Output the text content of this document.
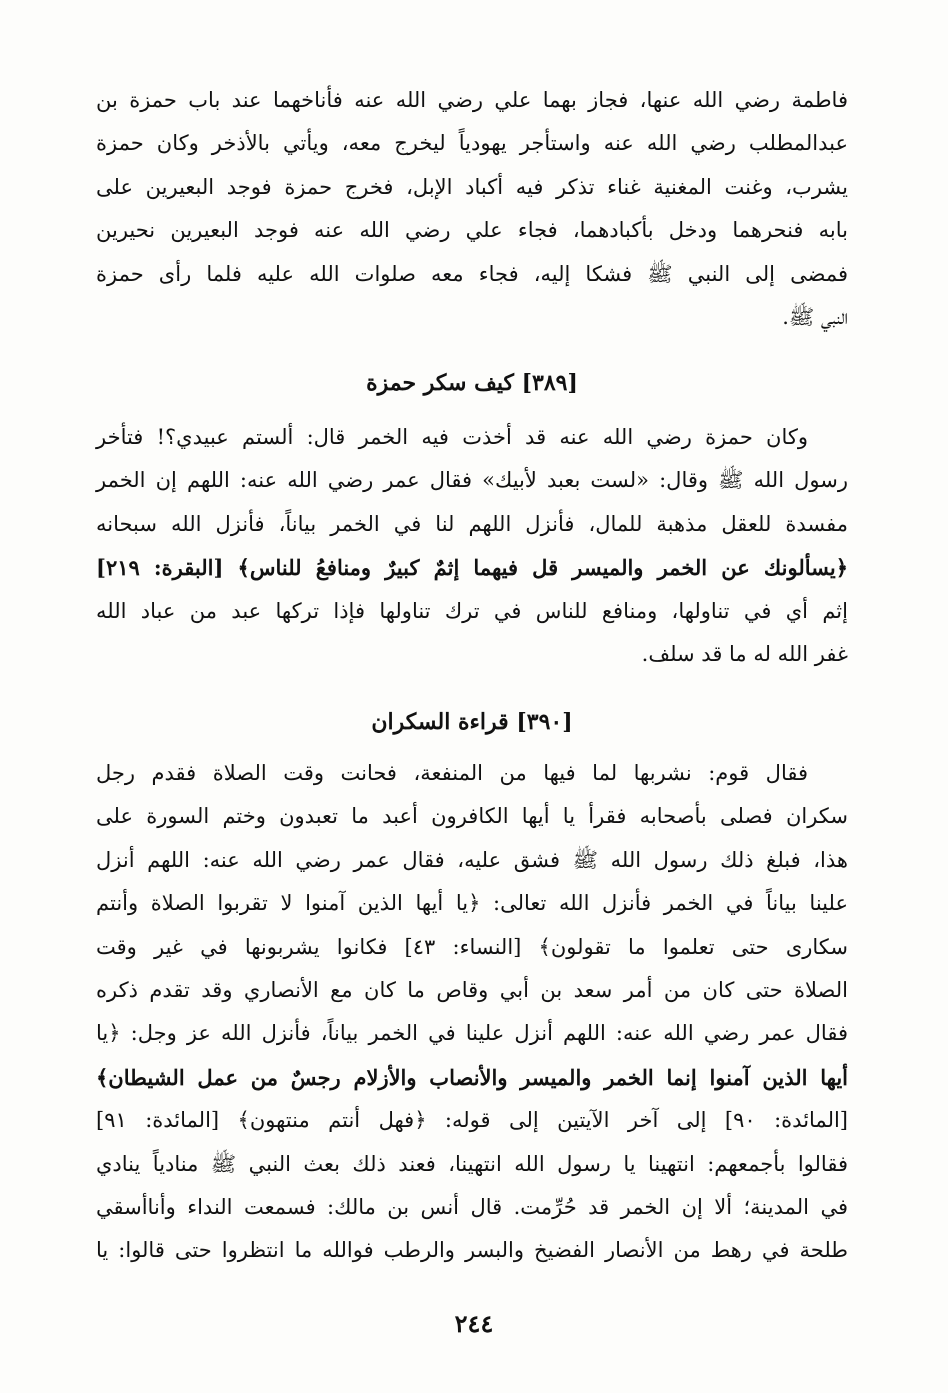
فاطمة رضي الله عنها، فجاز بهما علي رضي الله عنه فأناخهما عند باب حمزة بن
عبدالمطلب رضي الله عنه واستأجر يهودياً ليخرج معه، ويأتي بالأذخر وكان حمزة
يشرب، وغنت المغنية غناء تذكر فيه أكباد الإبل، فخرج حمزة فوجد البعيرين على
بابه فنحرهما ودخل بأكبادهما، فجاء علي رضي الله عنه فوجد البعيرين نحيرين
فمضى إلى النبي ﷺ فشكا إليه، فجاء معه صلوات الله عليه فلما رأى حمزة
النبي ﷺ.
[٣٨٩] كيف سكر حمزة
وكان حمزة رضي الله عنه قد أخذت فيه الخمر قال: ألستم عبيدي؟! فتأخر
رسول الله ﷺ وقال: «لست بعبد لأبيك» فقال عمر رضي الله عنه: اللهم إن الخمر
مفسدة للعقل مذهبة للمال، فأنزل اللهم لنا في الخمر بياناً، فأنزل الله سبحانه
﴿يسألونك عن الخمر والميسر قل فيهما إثمٌ كبيرٌ ومنافعُ للناس﴾ [البقرة: ٢١٩]
إثم أي في تناولها، ومنافع للناس في ترك تناولها فإذا تركها عبد من عباد الله
غفر الله له ما قد سلف.
[٣٩٠] قراءة السكران
فقال قوم: نشربها لما فيها من المنفعة، فحانت وقت الصلاة فقدم رجل
سكران فصلى بأصحابه فقرأ يا أيها الكافرون أعبد ما تعبدون وختم السورة على
هذا، فبلغ ذلك رسول الله ﷺ فشق عليه، فقال عمر رضي الله عنه: اللهم أنزل
علينا بياناً في الخمر فأنزل الله تعالى: ﴿يا أيها الذين آمنوا لا تقربوا الصلاة وأنتم
سكارى حتى تعلموا ما تقولون﴾ [النساء: ٤٣] فكانوا يشربونها في غير وقت
الصلاة حتى كان من أمر سعد بن أبي وقاص ما كان مع الأنصاري وقد تقدم ذكره
فقال عمر رضي الله عنه: اللهم أنزل علينا في الخمر بياناً، فأنزل الله عز وجل: ﴿يا
أيها الذين آمنوا إنما الخمر والميسر والأنصاب والأزلام رجسٌ من عمل الشيطان﴾
[المائدة: ٩٠] إلى آخر الآيتين إلى قوله: ﴿فهل أنتم منتهون﴾ [المائدة: ٩١]
فقالوا بأجمعهم: انتهينا يا رسول الله انتهينا، فعند ذلك بعث النبي ﷺ منادياً ينادي
في المدينة؛ ألا إن الخمر قد حُرِّمت. قال أنس بن مالك: فسمعت النداء وأناأسقي
طلحة في رهط من الأنصار الفضيخ والبسر والرطب فوالله ما انتظروا حتى قالوا: يا
٢٤٤
